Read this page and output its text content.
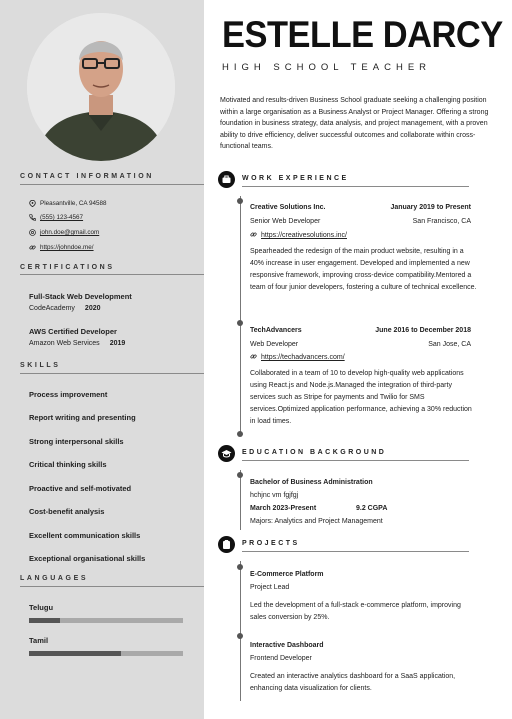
CONTACT INFORMATION
Pleasantville, CA 94588
(555) 123-4567
john.doe@gmail.com
https://johndoe.me/
CERTIFICATIONS
Full-Stack Web Development
CodeAcademy 2020
AWS Certified Developer
Amazon Web Services 2019
SKILLS
Process improvement
Report writing and presenting
Strong interpersonal skills
Critical thinking skills
Proactive and self-motivated
Cost-benefit analysis
Excellent communication skills
Exceptional organisational skills
LANGUAGES
Telugu
Tamil
ESTELLE DARCY
HIGH SCHOOL TEACHER
Motivated and results-driven Business School graduate seeking a challenging position within a large organisation as a Business Analyst or Project Manager. Offering a strong foundation in business strategy, data analysis, and project management, with a proven ability to drive efficiency, deliver successful outcomes and collaborate within cross-functional teams.
WORK EXPERIENCE
Creative Solutions Inc.	January 2019 to Present
Senior Web Developer	San Francisco, CA
https://creativesolutions.inc/
Spearheaded the redesign of the main product website, resulting in a 40% increase in user engagement. Developed and implemented a new responsive framework, improving cross-device compatibility.Mentored a team of four junior developers, fostering a culture of technical excellence.
TechAdvancers	June 2016 to December 2018
Web Developer	San Jose, CA
https://techadvancers.com/
Collaborated in a team of 10 to develop high-quality web applications using React.js and Node.js.Managed the integration of third-party services such as Stripe for payments and Twilio for SMS services.Optimized application performance, achieving a 30% reduction in load times.
EDUCATION BACKGROUND
Bachelor of Business Administration
hchjnc vm fgjfgj
March 2023-Present	9.2 CGPA
Majors: Analytics and Project Management
PROJECTS
E-Commerce Platform
Project Lead
Led the development of a full-stack e-commerce platform, improving sales conversion by 25%.
Interactive Dashboard
Frontend Developer
Created an interactive analytics dashboard for a SaaS application, enhancing data visualization for clients.
